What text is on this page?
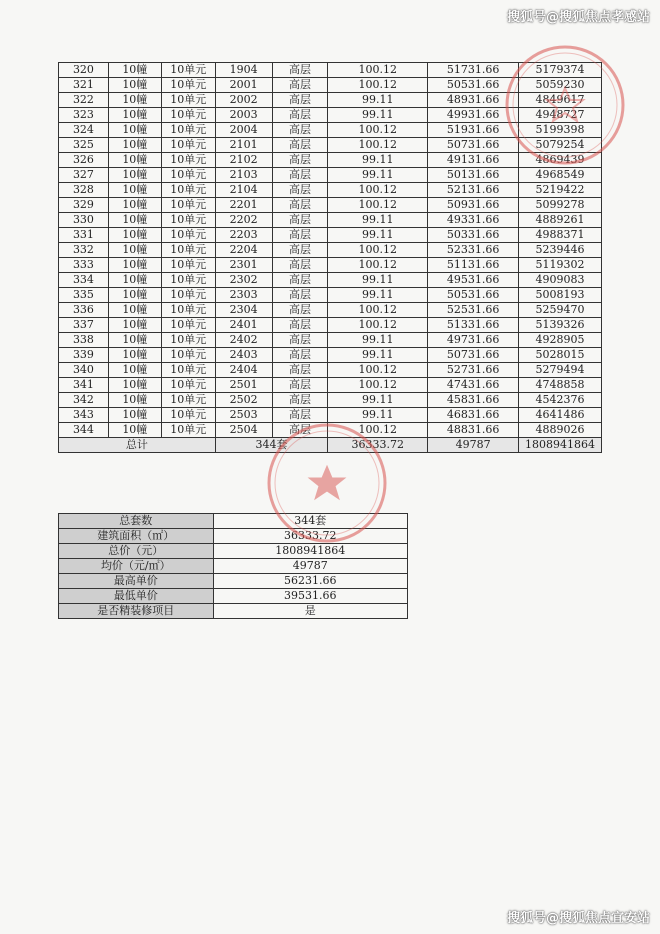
搜狐号@搜狐焦点孝感站
320	10幢	10单元	1904	高层	100.12	51731.66	5179374
321	10幢	10单元	2001	高层	100.12	50531.66	5059230
322	10幢	10单元	2002	高层	99.11	48931.66	4849617
323	10幢	10单元	2003	高层	99.11	49931.66	4948727
324	10幢	10单元	2004	高层	100.12	51931.66	5199398
325	10幢	10单元	2101	高层	100.12	50731.66	5079254
326	10幢	10单元	2102	高层	99.11	49131.66	4869439
327	10幢	10单元	2103	高层	99.11	50131.66	4968549
328	10幢	10单元	2104	高层	100.12	52131.66	5219422
329	10幢	10单元	2201	高层	100.12	50931.66	5099278
330	10幢	10单元	2202	高层	99.11	49331.66	4889261
331	10幢	10单元	2203	高层	99.11	50331.66	4988371
332	10幢	10单元	2204	高层	100.12	52331.66	5239446
333	10幢	10单元	2301	高层	100.12	51131.66	5119302
334	10幢	10单元	2302	高层	99.11	49531.66	4909083
335	10幢	10单元	2303	高层	99.11	50531.66	5008193
336	10幢	10单元	2304	高层	100.12	52531.66	5259470
337	10幢	10单元	2401	高层	100.12	51331.66	5139326
338	10幢	10单元	2402	高层	99.11	49731.66	4928905
339	10幢	10单元	2403	高层	99.11	50731.66	5028015
340	10幢	10单元	2404	高层	100.12	52731.66	5279494
341	10幢	10单元	2501	高层	100.12	47431.66	4748858
342	10幢	10单元	2502	高层	99.11	45831.66	4542376
343	10幢	10单元	2503	高层	99.11	46831.66	4641486
344	10幢	10单元	2504	高层	100.12	48831.66	4889026
总计			344套		36333.72	49787	1808941864
总套数	344套
建筑面积（㎡）	36333.72
总价（元）	1808941864
均价（元/㎡）	49787
最高单价	56231.66
最低单价	39531.66
是否精装修项目	是
搜狐号@搜狐焦点宜安站
